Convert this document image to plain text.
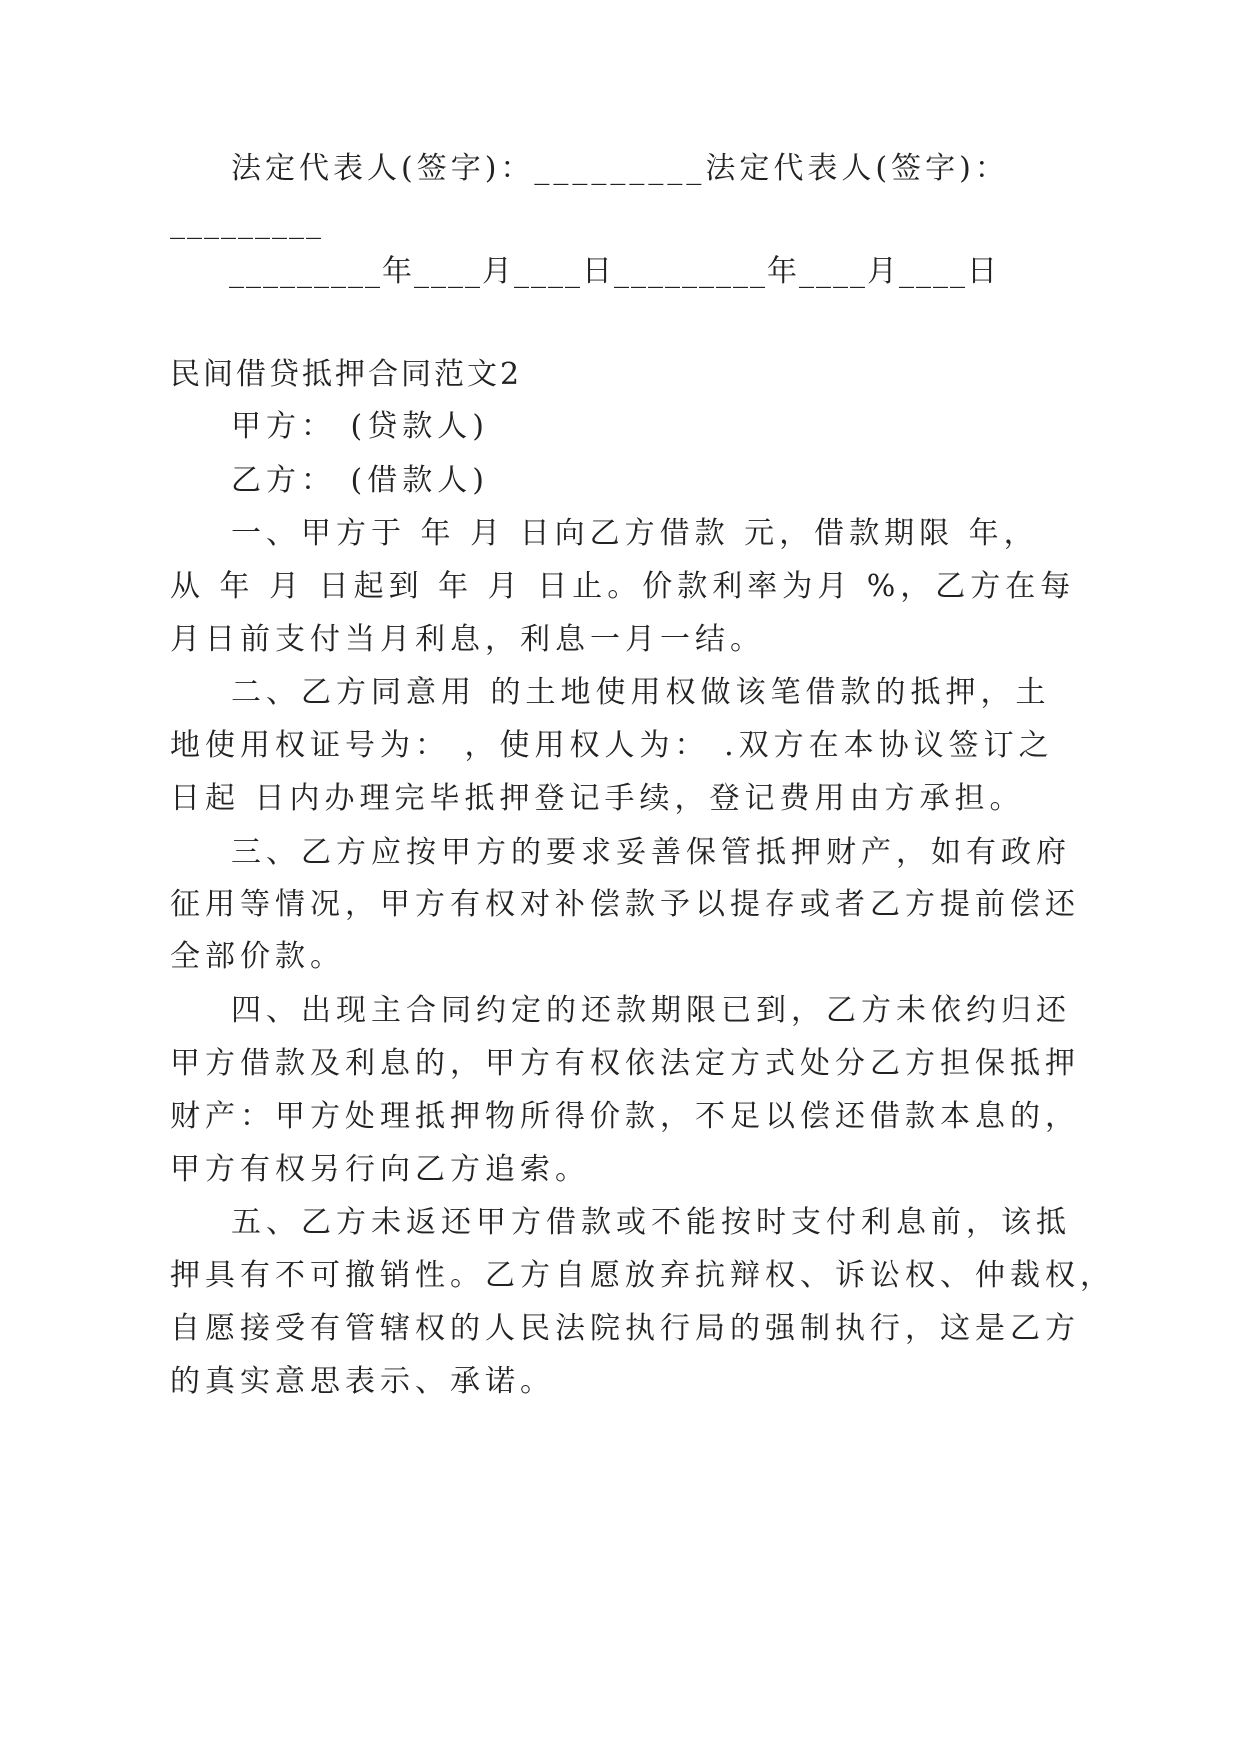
法定代表人(签字)：_________法定代表人(签字)：
_________
_________年____月____日_________年____月____日
民间借贷抵押合同范文2
甲方： (贷款人)
乙方： (借款人)
一、甲方于 年 月 日向乙方借款 元，借款期限 年，
从 年 月 日起到 年 月 日止。价款利率为月 %，乙方在每
月日前支付当月利息，利息一月一结。
二、乙方同意用 的土地使用权做该笔借款的抵押，土
地使用权证号为： ，使用权人为： .双方在本协议签订之
日起 日内办理完毕抵押登记手续，登记费用由方承担。
三、乙方应按甲方的要求妥善保管抵押财产，如有政府
征用等情况，甲方有权对补偿款予以提存或者乙方提前偿还
全部价款。
四、出现主合同约定的还款期限已到，乙方未依约归还
甲方借款及利息的，甲方有权依法定方式处分乙方担保抵押
财产：甲方处理抵押物所得价款，不足以偿还借款本息的，
甲方有权另行向乙方追索。
五、乙方未返还甲方借款或不能按时支付利息前，该抵
押具有不可撤销性。乙方自愿放弃抗辩权、诉讼权、仲裁权，
自愿接受有管辖权的人民法院执行局的强制执行，这是乙方
的真实意思表示、承诺。
